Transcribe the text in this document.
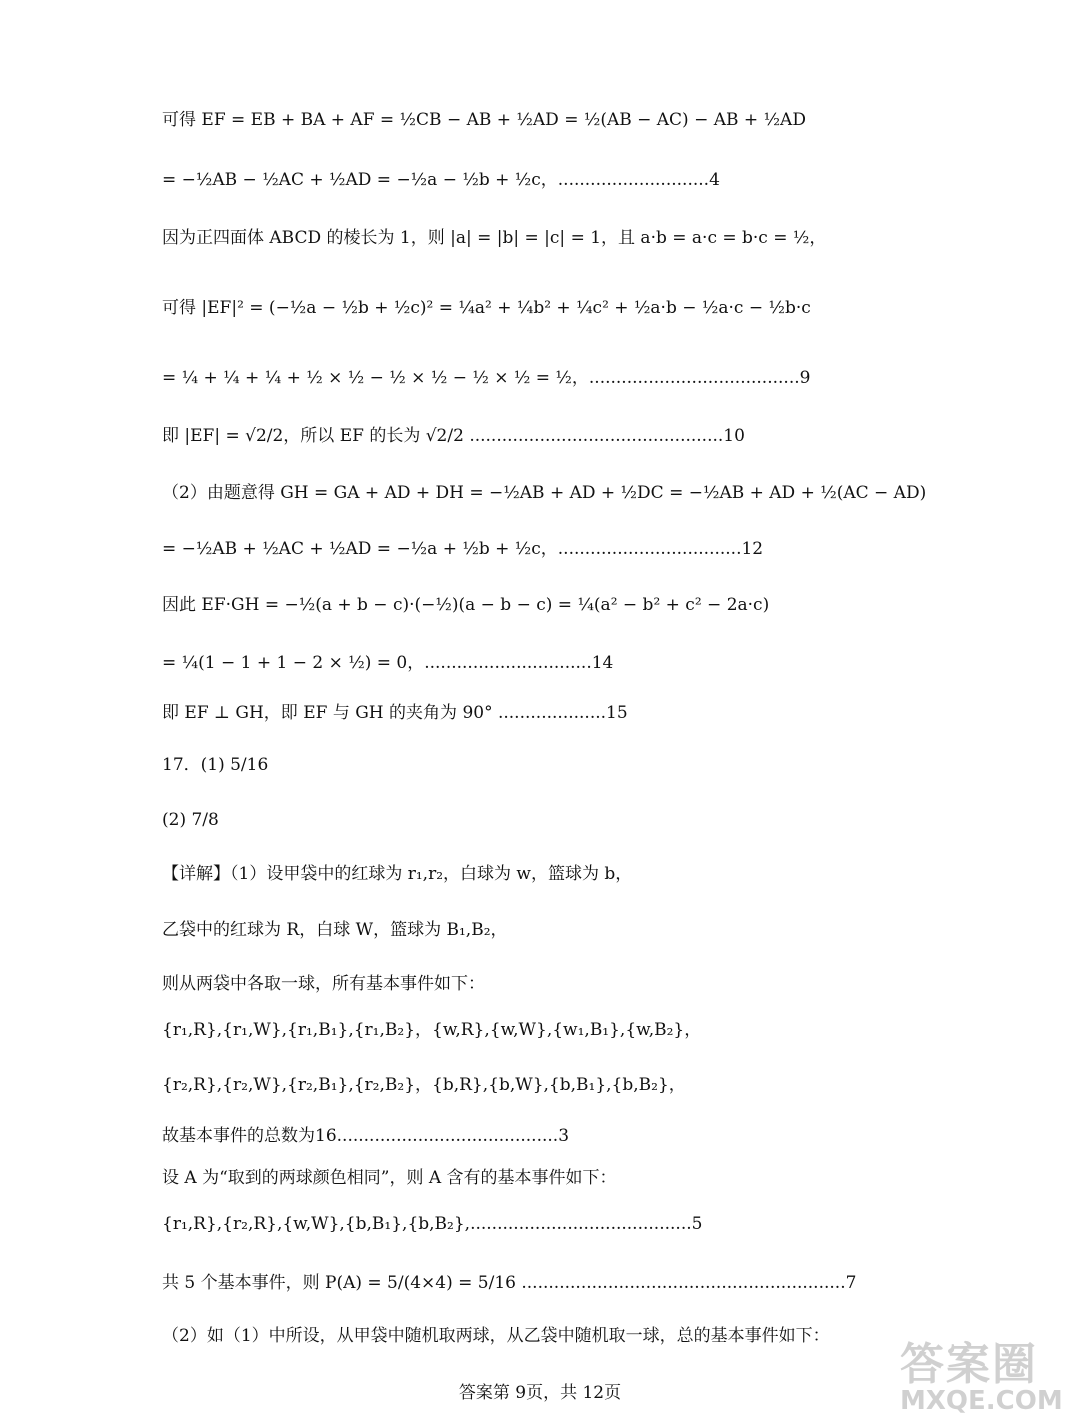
可得 EF = EB + BA + AF = ½CB − AB + ½AD = ½(AB − AC) − AB + ½AD
= −½AB − ½AC + ½AD = −½a − ½b + ½c，............................4
因为正四面体 ABCD 的棱长为 1，则 |a| = |b| = |c| = 1，且 a·b = a·c = b·c = ½，
可得 |EF|² = (−½a − ½b + ½c)² = ¼a² + ¼b² + ¼c² + ½a·b − ½a·c − ½b·c
= ¼ + ¼ + ¼ + ½ × ½ − ½ × ½ − ½ × ½ = ½，.......................................9
即 |EF| = √2/2，所以 EF 的长为 √2/2 ...............................................10
（2）由题意得 GH = GA + AD + DH = −½AB + AD + ½DC = −½AB + AD + ½(AC − AD)
= −½AB + ½AC + ½AD = −½a + ½b + ½c，..................................12
因此 EF·GH = −½(a + b − c)·(−½)(a − b − c) = ¼(a² − b² + c² − 2a·c)
= ¼(1 − 1 + 1 − 2 × ½) = 0，...............................14
即 EF ⊥ GH，即 EF 与 GH 的夹角为 90° ....................15
17．(1) 5/16
(2) 7/8
【详解】（1）设甲袋中的红球为 r₁,r₂，白球为 w，篮球为 b，
乙袋中的红球为 R，白球 W，篮球为 B₁,B₂，
则从两袋中各取一球，所有基本事件如下：
{r₁,R},{r₁,W},{r₁,B₁},{r₁,B₂}，{w,R},{w,W},{w₁,B₁},{w,B₂}，
{r₂,R},{r₂,W},{r₂,B₁},{r₂,B₂}，{b,R},{b,W},{b,B₁},{b,B₂}，
故基本事件的总数为16.........................................3
设 A 为“取到的两球颜色相同”，则 A 含有的基本事件如下：
{r₁,R},{r₂,R},{w,W},{b,B₁},{b,B₂},.........................................5
共 5 个基本事件，则 P(A) = 5/(4×4) = 5/16 ............................................................7
（2）如（1）中所设，从甲袋中随机取两球，从乙袋中随机取一球，总的基本事件如下：
答案第 9页，共 12页
答案圈
MXQE.COM
